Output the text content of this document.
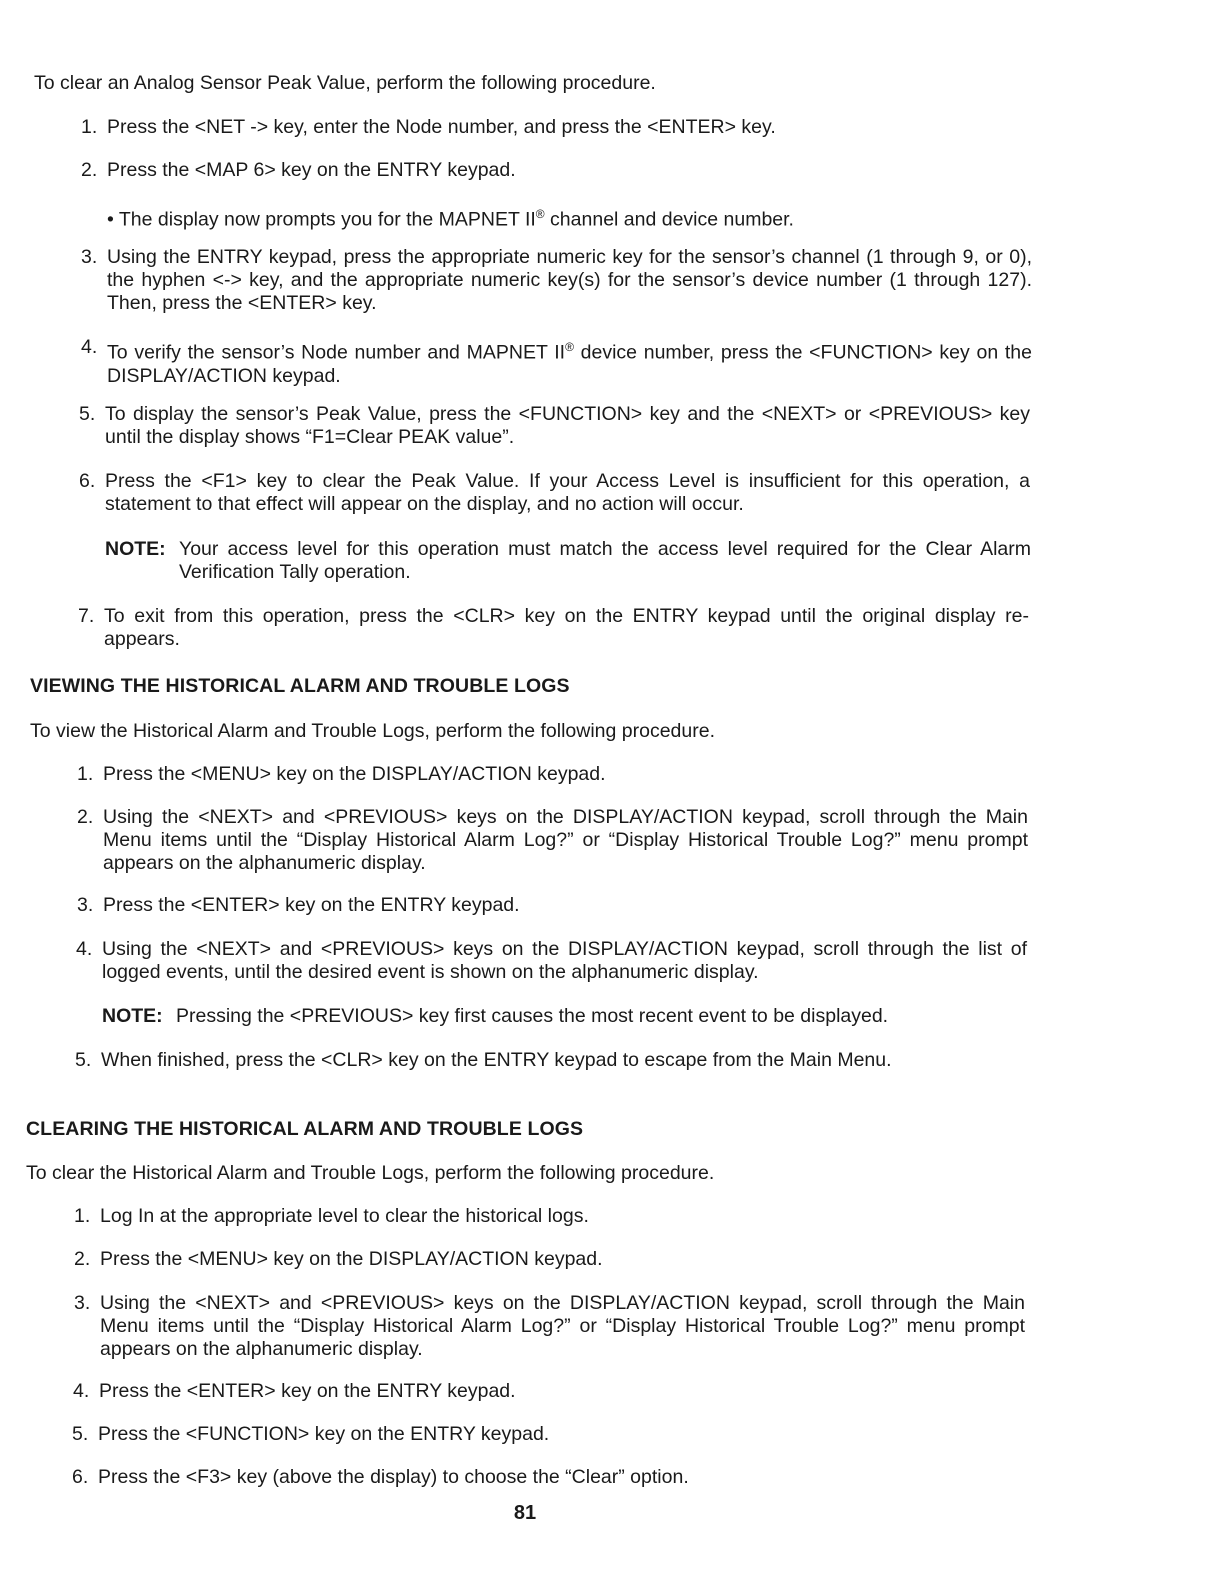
To clear an Analog Sensor Peak Value, perform the following procedure.

1. Press the <NET -> key, enter the Node number, and press the <ENTER> key.
2. Press the <MAP 6> key on the ENTRY keypad.
3. Using the ENTRY keypad, press the appropriate numeric key for the sensor’s channel (1 through 9, or 0), the hyphen <-> key, and the appropriate numeric key(s) for the sensor’s device number (1 through 127). Then, press the <ENTER> key.
4. To verify the sensor’s Node number and MAPNET II® device number, press the <FUNCTION> key on the DISPLAY/ACTION keypad.
5. To display the sensor’s Peak Value, press the <FUNCTION> key and the <NEXT> or <PREVIOUS> key until the display shows “F1=Clear PEAK value”.
6. Press the <F1> key to clear the Peak Value. If your Access Level is insufficient for this operation, a statement to that effect will appear on the display, and no action will occur.
7. To exit from this operation, press the <CLR> key on the ENTRY keypad until the original display re-appears.
• The display now prompts you for the MAPNET II® channel and device number.
NOTE: Your access level for this operation must match the access level required for the Clear Alarm Verification Tally operation.
VIEWING THE HISTORICAL ALARM AND TROUBLE LOGS

To view the Historical Alarm and Trouble Logs, perform the following procedure.

1. Press the <MENU> key on the DISPLAY/ACTION keypad.
2. Using the <NEXT> and <PREVIOUS> keys on the DISPLAY/ACTION keypad, scroll through the Main Menu items until the “Display Historical Alarm Log?” or “Display Historical Trouble Log?” menu prompt appears on the alphanumeric display.
3. Press the <ENTER> key on the ENTRY keypad.
4. Using the <NEXT> and <PREVIOUS> keys on the DISPLAY/ACTION keypad, scroll through the list of logged events, until the desired event is shown on the alphanumeric display.
5. When finished, press the <CLR> key on the ENTRY keypad to escape from the Main Menu.
NOTE: Pressing the <PREVIOUS> key first causes the most recent event to be displayed.
CLEARING THE HISTORICAL ALARM AND TROUBLE LOGS

To clear the Historical Alarm and Trouble Logs, perform the following procedure.

1. Log In at the appropriate level to clear the historical logs.
2. Press the <MENU> key on the DISPLAY/ACTION keypad.
3. Using the <NEXT> and <PREVIOUS> keys on the DISPLAY/ACTION keypad, scroll through the Main Menu items until the “Display Historical Alarm Log?” or “Display Historical Trouble Log?” menu prompt appears on the alphanumeric display.
4. Press the <ENTER> key on the ENTRY keypad.
5. Press the <FUNCTION> key on the ENTRY keypad.
6. Press the <F3> key (above the display) to choose the “Clear” option.
81
